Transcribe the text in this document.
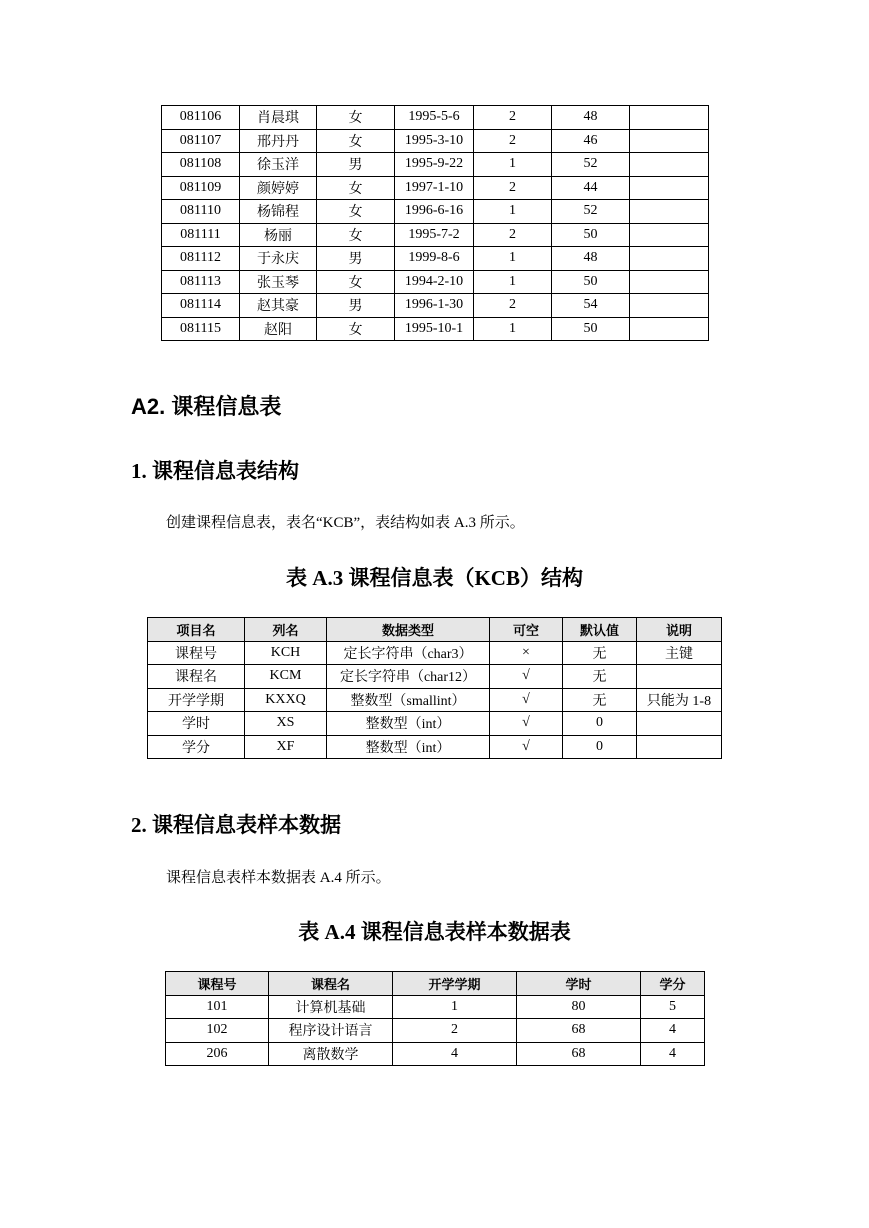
081106	肖晨琪	女	1995-5-6	2	48	
081107	邢丹丹	女	1995-3-10	2	46	
081108	徐玉洋	男	1995-9-22	1	52	
081109	颜婷婷	女	1997-1-10	2	44	
081110	杨锦程	女	1996-6-16	1	52	
081111	杨丽	女	1995-7-2	2	50	
081112	于永庆	男	1999-8-6	1	48	
081113	张玉琴	女	1994-2-10	1	50	
081114	赵其豪	男	1996-1-30	2	54	
081115	赵阳	女	1995-10-1	1	50	
A2. 课程信息表
1. 课程信息表结构
创建课程信息表，表名“KCB”，表结构如表 A.3 所示。
表 A.3 课程信息表（KCB）结构
项目名	列名	数据类型	可空	默认值	说明
课程号	KCH	定长字符串（char3）	×	无	主键
课程名	KCM	定长字符串（char12）	√	无	
开学学期	KXXQ	整数型（smallint）	√	无	只能为 1-8
学时	XS	整数型（int）	√	0	
学分	XF	整数型（int）	√	0	
2. 课程信息表样本数据
课程信息表样本数据表 A.4 所示。
表 A.4 课程信息表样本数据表
课程号	课程名	开学学期	学时	学分
101	计算机基础	1	80	5
102	程序设计语言	2	68	4
206	离散数学	4	68	4
